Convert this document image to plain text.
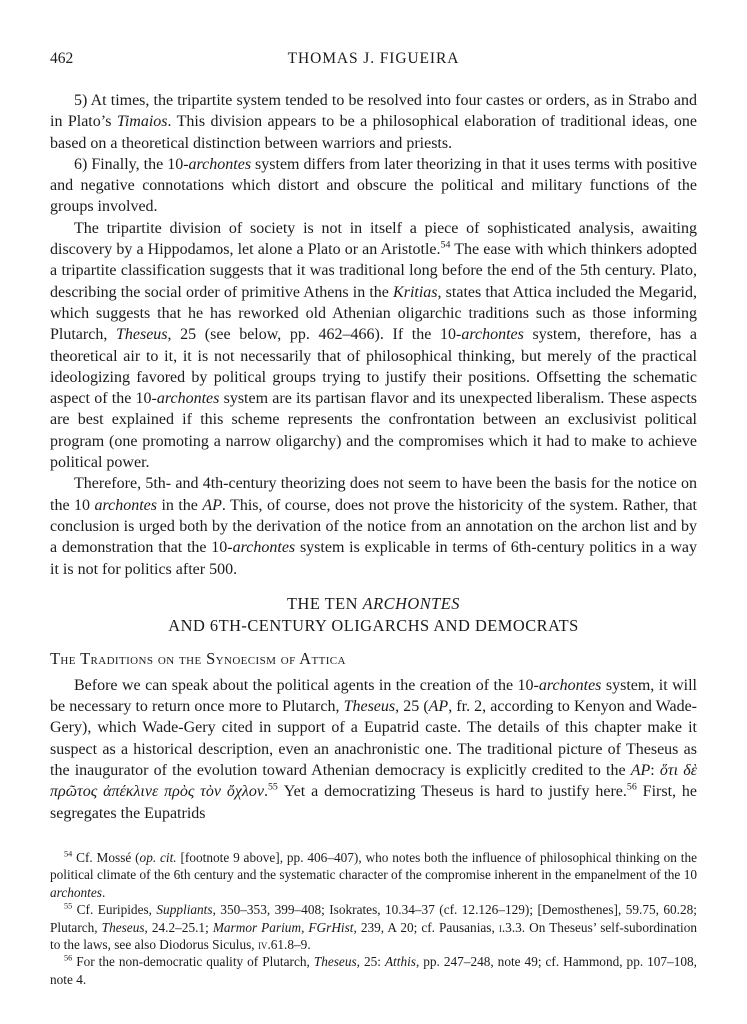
462	THOMAS J. FIGUEIRA

5) At times, the tripartite system tended to be resolved into four castes or orders, as in Strabo and in Plato’s Timaios. This division appears to be a philosophical elaboration of traditional ideas, one based on a theoretical distinction between warriors and priests.

6) Finally, the 10-archontes system differs from later theorizing in that it uses terms with positive and negative connotations which distort and obscure the political and military functions of the groups involved.

The tripartite division of society is not in itself a piece of sophisticated analysis, awaiting discovery by a Hippodamos, let alone a Plato or an Aristotle.$^{54}$ The ease with which thinkers adopted a tripartite classification suggests that it was traditional long before the end of the 5th century. Plato, describing the social order of primitive Athens in the Kritias, states that Attica included the Megarid, which suggests that he has reworked old Athenian oligarchic traditions such as those informing Plutarch, Theseus, 25 (see below, pp. 462–466). If the 10-archontes system, therefore, has a theoretical air to it, it is not necessarily that of philosophical thinking, but merely of the practical ideologizing favored by political groups trying to justify their positions. Offsetting the schematic aspect of the 10-archontes system are its partisan flavor and its unexpected liberalism. These aspects are best explained if this scheme represents the confrontation between an exclusivist political program (one promoting a narrow oligarchy) and the compromises which it had to make to achieve political power.

Therefore, 5th- and 4th-century theorizing does not seem to have been the basis for the notice on the 10 archontes in the AP. This, of course, does not prove the historicity of the system. Rather, that conclusion is urged both by the derivation of the notice from an annotation on the archon list and by a demonstration that the 10-archontes system is explicable in terms of 6th-century politics in a way it is not for politics after 500.

THE TEN ARCHONTES
AND 6TH-CENTURY OLIGARCHS AND DEMOCRATS
The Traditions on the Synoecism of Attica

Before we can speak about the political agents in the creation of the 10-archontes system, it will be necessary to return once more to Plutarch, Theseus, 25 (AP, fr. 2, according to Kenyon and Wade-Gery), which Wade-Gery cited in support of a Eupatrid caste. The details of this chapter make it suspect as a historical description, even an anachronistic one. The traditional picture of Theseus as the inaugurator of the evolution toward Athenian democracy is explicitly credited to the AP: ὅτι δὲ πρῶτος ἀπέκλινε πρὸς τὸν ὄχλον.$^{55}$ Yet a democratizing Theseus is hard to justify here.$^{56}$ First, he segregates the Eupatrids

$^{54}$ Cf. Mossé (op. cit. [footnote 9 above], pp. 406–407), who notes both the influence of philosophical thinking on the political climate of the 6th century and the systematic character of the compromise inherent in the empanelment of the 10 archontes.

$^{55}$ Cf. Euripides, Suppliants, 350–353, 399–408; Isokrates, 10.34–37 (cf. 12.126–129); [Demosthenes], 59.75, 60.28; Plutarch, Theseus, 24.2–25.1; Marmor Parium, FGrHist, 239, A 20; cf. Pausanias, i.3.3. On Theseus’ self-subordination to the laws, see also Diodorus Siculus, iv.61.8–9.

$^{56}$ For the non-democratic quality of Plutarch, Theseus, 25: Atthis, pp. 247–248, note 49; cf. Hammond, pp. 107–108, note 4.
